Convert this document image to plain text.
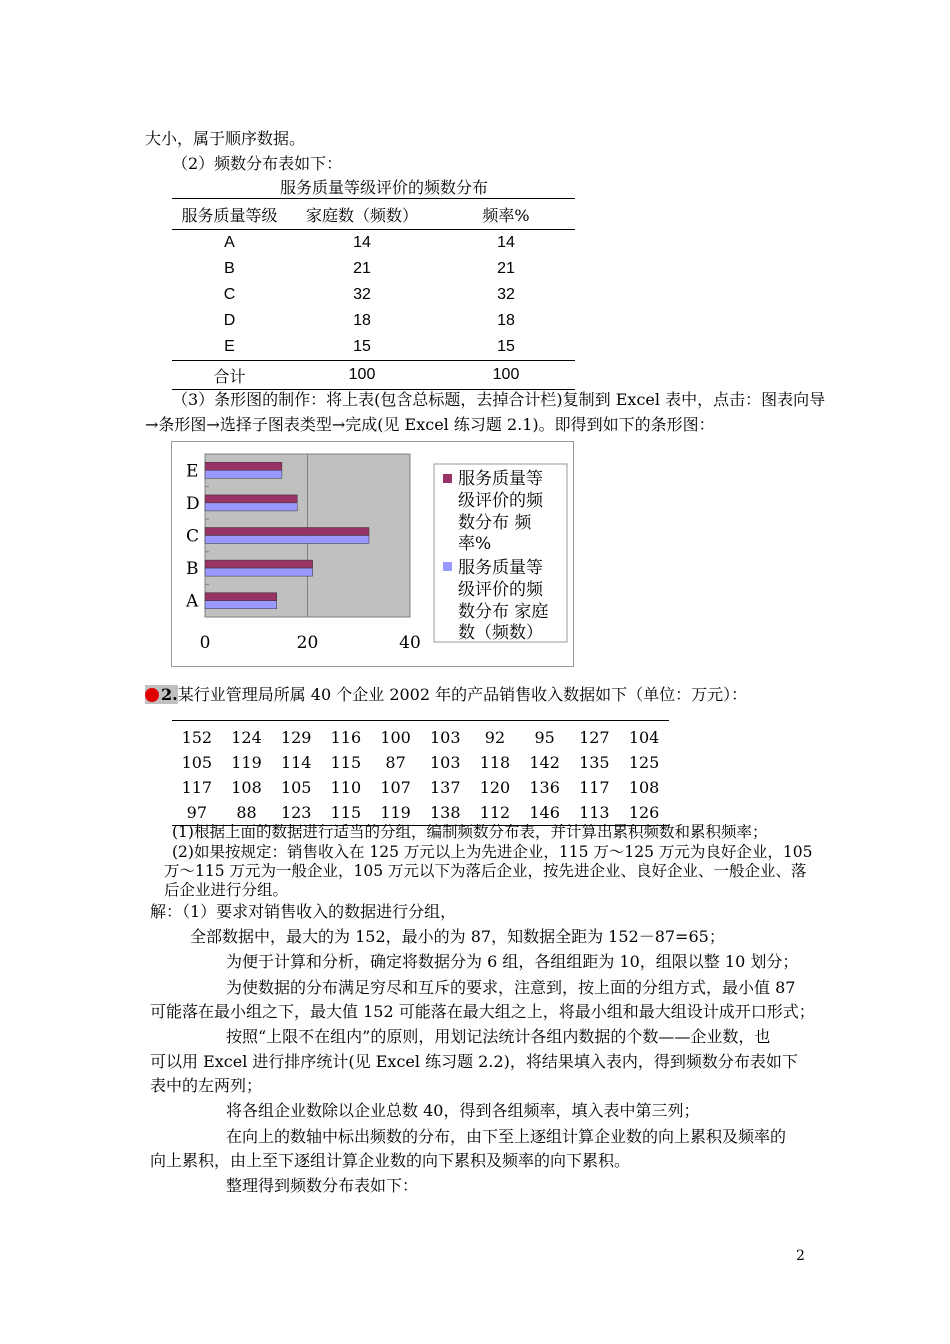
大小，属于顺序数据。
（2）频数分布表如下：
服务质量等级评价的频数分布
服务质量等级	家庭数（频数）	频率%
A	14	14
B	21	21
C	32	32
D	18	18
E	15	15
合计	100	100
（3）条形图的制作：将上表(包含总标题，去掉合计栏)复制到 Excel 表中，点击：图表向导
→条形图→选择子图表类型→完成(见 Excel 练习题 2.1)。即得到如下的条形图：
A
B
C
D
E
0	20	40
服务质量等
级评价的频
数分布 频
率%
服务质量等
级评价的频
数分布 家庭
数（频数）
2.某行业管理局所属 40 个企业 2002 年的产品销售收入数据如下（单位：万元）：
152	124	129	116	100	103	92	95	127	104
105	119	114	115	87	103	118	142	135	125
117	108	105	110	107	137	120	136	117	108
97	88	123	115	119	138	112	146	113	126
(1)根据上面的数据进行适当的分组，编制频数分布表，并计算出累积频数和累积频率；
(2)如果按规定：销售收入在 125 万元以上为先进企业，115 万～125 万元为良好企业，105
万～115 万元为一般企业，105 万元以下为落后企业，按先进企业、良好企业、一般企业、落
后企业进行分组。
解：（1）要求对销售收入的数据进行分组，
全部数据中，最大的为 152，最小的为 87，知数据全距为 152－87=65；
为便于计算和分析，确定将数据分为 6 组，各组组距为 10，组限以整 10 划分；
为使数据的分布满足穷尽和互斥的要求，注意到，按上面的分组方式，最小值 87
可能落在最小组之下，最大值 152 可能落在最大组之上，将最小组和最大组设计成开口形式；
按照“上限不在组内”的原则，用划记法统计各组内数据的个数——企业数，也
可以用 Excel 进行排序统计(见 Excel 练习题 2.2)，将结果填入表内，得到频数分布表如下
表中的左两列；
将各组企业数除以企业总数 40，得到各组频率，填入表中第三列；
在向上的数轴中标出频数的分布，由下至上逐组计算企业数的向上累积及频率的
向上累积，由上至下逐组计算企业数的向下累积及频率的向下累积。
整理得到频数分布表如下：
2
